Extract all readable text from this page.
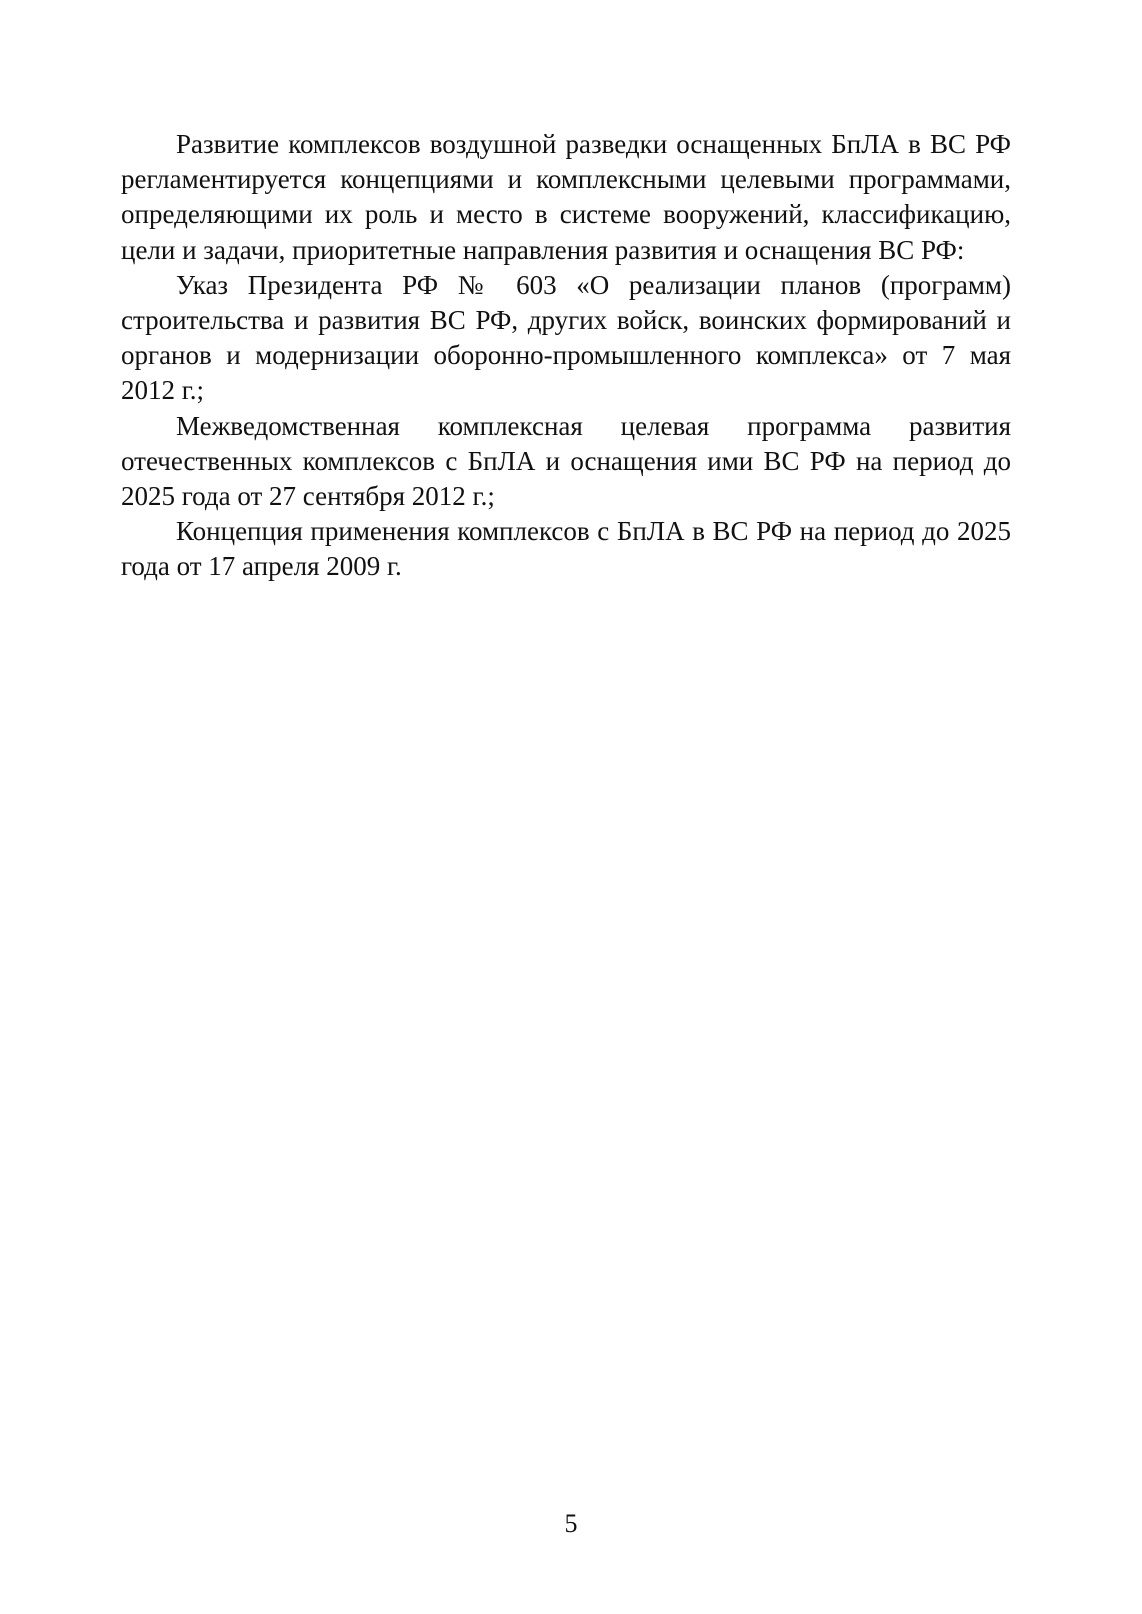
Развитие комплексов воздушной разведки оснащенных БпЛА в ВС РФ регламентируется концепциями и комплексными целевыми программами, определяющими их роль и место в системе вооружений, классификацию, цели и задачи, приоритетные направления развития и оснащения ВС РФ:

Указ Президента РФ № 603 «О реализации планов (программ) строительства и развития ВС РФ, других войск, воинских формирований и органов и модернизации оборонно-промышленного комплекса» от 7 мая 2012 г.;

Межведомственная комплексная целевая программа развития отечественных комплексов с БпЛА и оснащения ими ВС РФ на период до 2025 года от 27 сентября 2012 г.;

Концепция применения комплексов с БпЛА в ВС РФ на период до 2025 года от 17 апреля 2009 г.

5
